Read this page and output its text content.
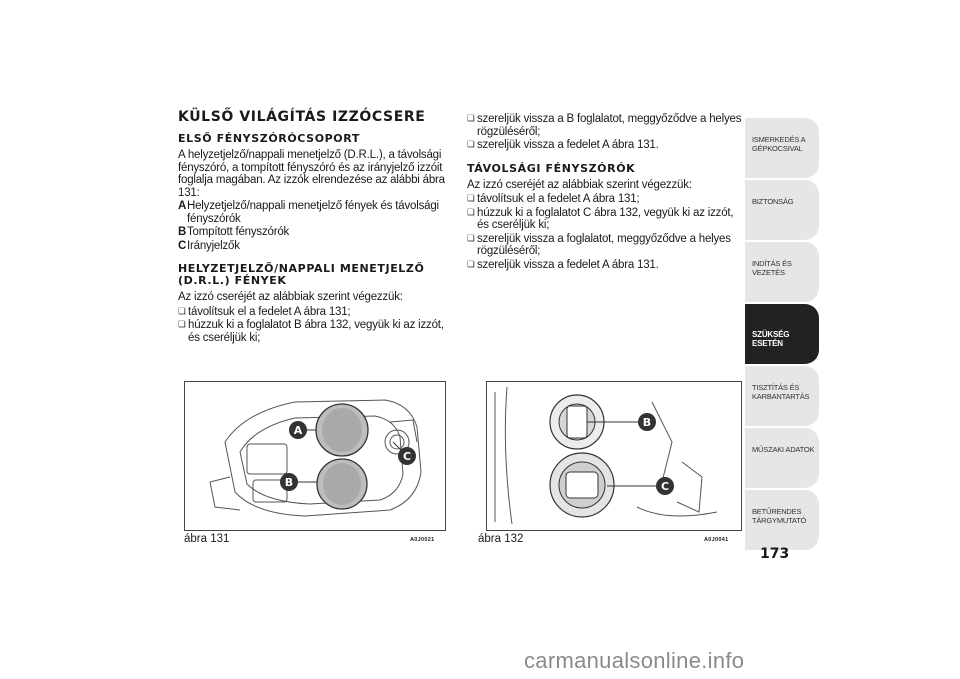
KÜLSŐ VILÁGÍTÁS IZZÓCSERE
ELSŐ FÉNYSZÓRÓCSOPORT

A helyzetjelző/nappali menetjelző (D.R.L.), a távolsági fényszóró, a tompított fényszóró és az irányjelző izzóit foglalja magában. Az izzók elrendezése az alábbi ábra 131:

A Helyzetjelző/nappali menetjelző fények és távolsági fényszórók
B Tompított fényszórók
C Irányjelzők
HELYZETJELZŐ/NAPPALI MENETJELZŐ (D.R.L.) FÉNYEK

Az izzó cseréjét az alábbiak szerint végezzük:

❏ távolítsuk el a fedelet A ábra 131;
❏ húzzuk ki a foglalatot B ábra 132, vegyük ki az izzót, és cseréljük ki;
❏ szereljük vissza a B foglalatot, meggyőződve a helyes rögzüléséről;
❏ szereljük vissza a fedelet A ábra 131.
TÁVOLSÁGI FÉNYSZÓRÓK

Az izzó cseréjét az alábbiak szerint végezzük:

❏ távolítsuk el a fedelet A ábra 131;
❏ húzzuk ki a foglalatot C ábra 132, vegyük ki az izzót, és cseréljük ki;
❏ szereljük vissza a foglalatot, meggyőződve a helyes rögzüléséről;
❏ szereljük vissza a fedelet A ábra 131.
A
B
C
ábra 131	A0J0021
B
C
ábra 132	A0J0041
ISMERKEDÉS A GÉPKOCSIVAL
BIZTONSÁG
INDÍTÁS ÉS VEZETÉS
SZÜKSÉG ESETÉN
TISZTÍTÁS ÉS KARBANTARTÁS
MŰSZAKI ADATOK
BETŰRENDES TÁRGYMUTATÓ
173
carmanualsonline.info
